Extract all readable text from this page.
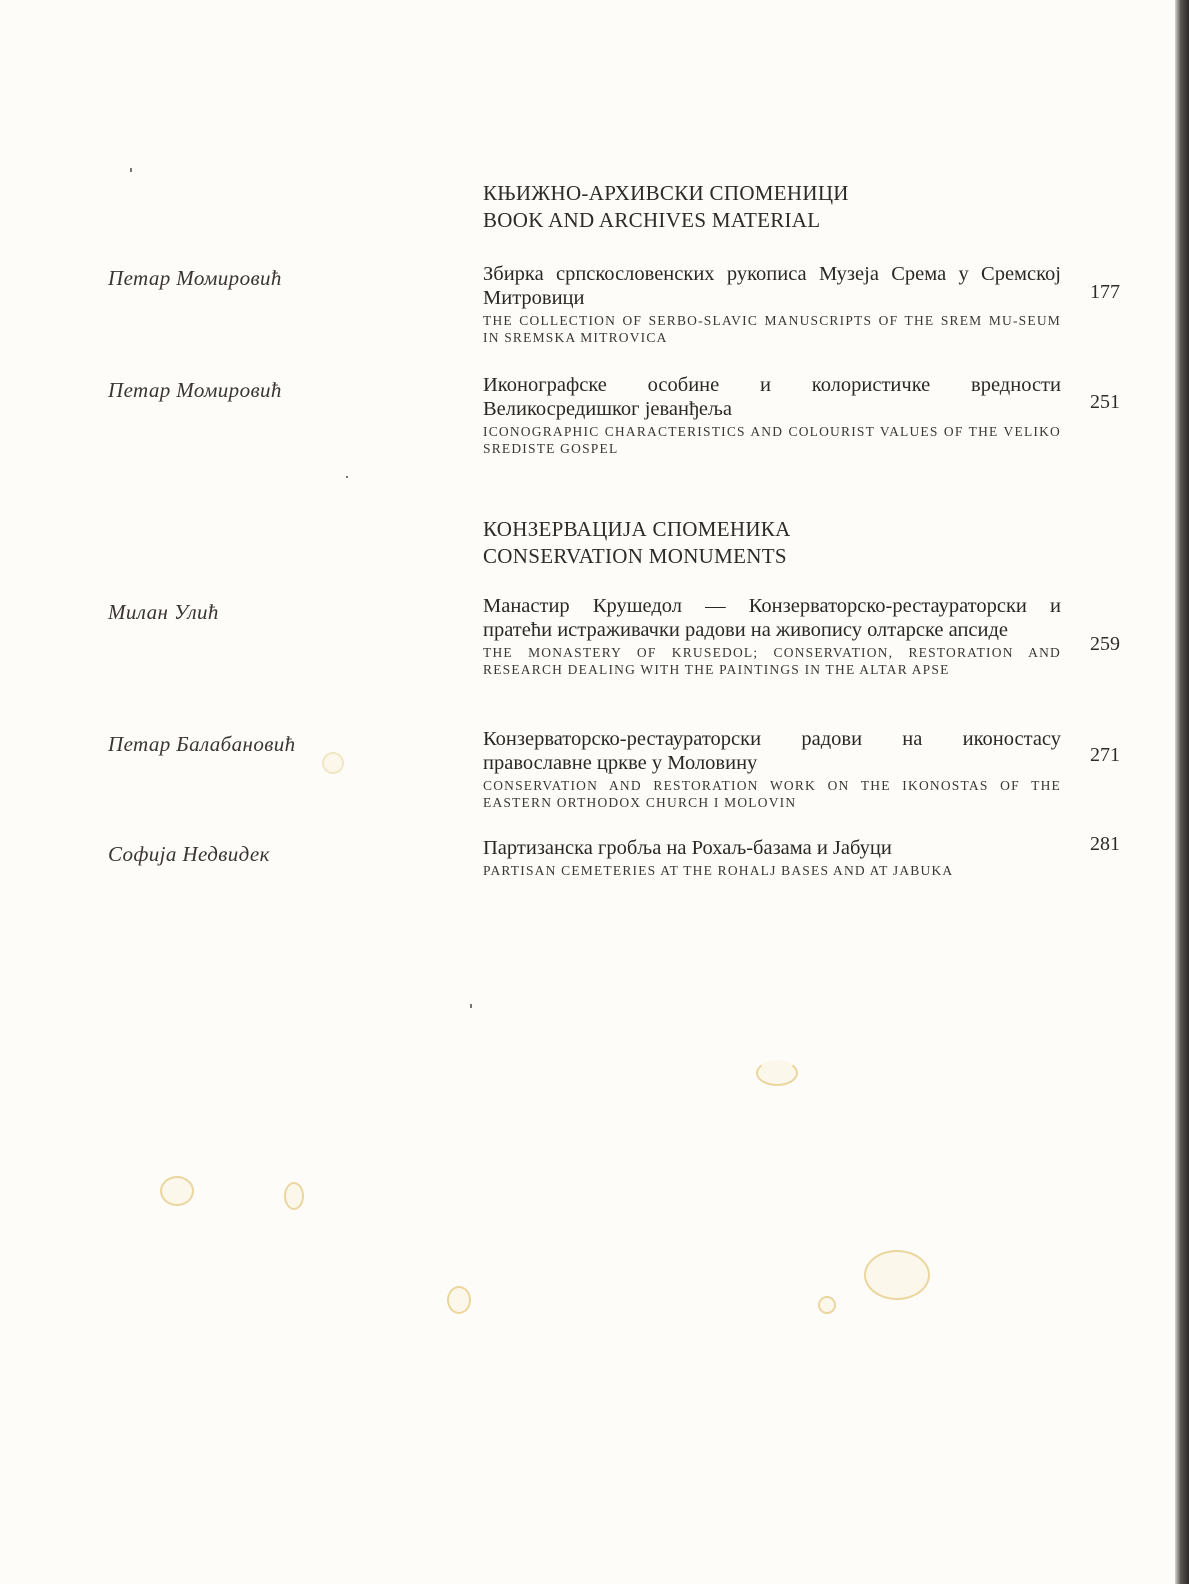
КЊИЖНО-АРХИВСКИ СПОМЕНИЦИ
BOOK AND ARCHIVES MATERIAL
Петар Момировић	Збирка српскословенских рукописа Музеја Срема у Сремској Митровици
THE COLLECTION OF SERBO-SLAVIC MANUSCRIPTS OF THE SREM MU-SEUM IN SREMSKA MITROVICA
177
Петар Момировић	Иконографске особине и колористичке вредности Великосредишког јеванђеља
ICONOGRAPHIC CHARACTERISTICS AND COLOURIST VALUES OF THE VELIKO SREDISTE GOSPEL
251
КОНЗЕРВАЦИЈА СПОМЕНИКА
CONSERVATION MONUMENTS
Милан Улић	Манастир Крушедол — Конзерваторско-рестаураторски и пратећи истраживачки радови на живопису олтарске апсиде
THE MONASTERY OF KRUSEDOL; CONSERVATION, RESTORATION AND RESEARCH DEALING WITH THE PAINTINGS IN THE ALTAR APSE
259
Петар Балабановић	Конзерваторско-рестаураторски радови на иконостасу православне цркве у Моловину
CONSERVATION AND RESTORATION WORK ON THE IKONOSTAS OF THE EASTERN ORTHODOX CHURCH I MOLOVIN
271
Софија Недвидек	Партизанска гробља на Рохаљ-базама и Јабуци
PARTISAN CEMETERIES AT THE ROHALJ BASES AND AT JABUKA
281
